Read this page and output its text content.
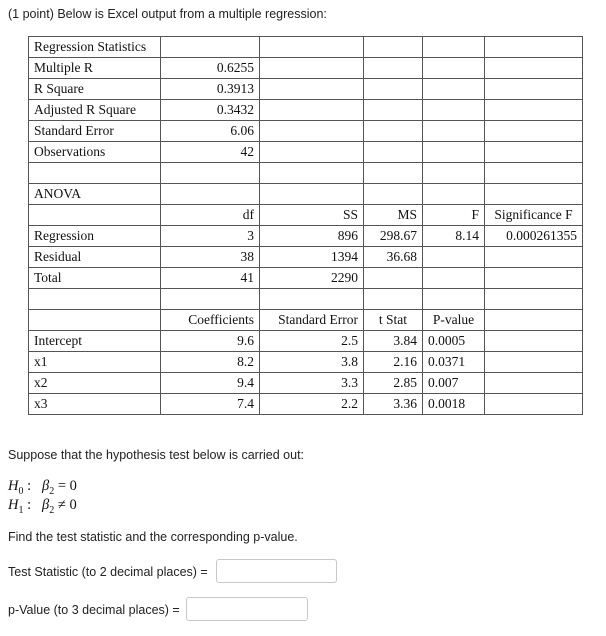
(1 point) Below is Excel output from a multiple regression:
Regression Statistics					
Multiple R	0.6255				
R Square	0.3913				
Adjusted R Square	0.3432				
Standard Error	6.06				
Observations	42				

ANOVA					
	df	SS	MS	F	Significance F
Regression	3	896	298.67	8.14	0.000261355
Residual	38	1394	36.68		
Total	41	2290			

	Coefficients	Standard Error	t Stat	P-value	
Intercept	9.6	2.5	3.84	0.0005	
x1	8.2	3.8	2.16	0.0371	
x2	9.4	3.3	2.85	0.007	
x3	7.4	2.2	3.36	0.0018	
Suppose that the hypothesis test below is carried out:
$H_0$ : $\beta_2 = 0$
$H_1$ : $\beta_2 \ne 0$
Find the test statistic and the corresponding p-value.
Test Statistic (to 2 decimal places) =
p-Value (to 3 decimal places) =
